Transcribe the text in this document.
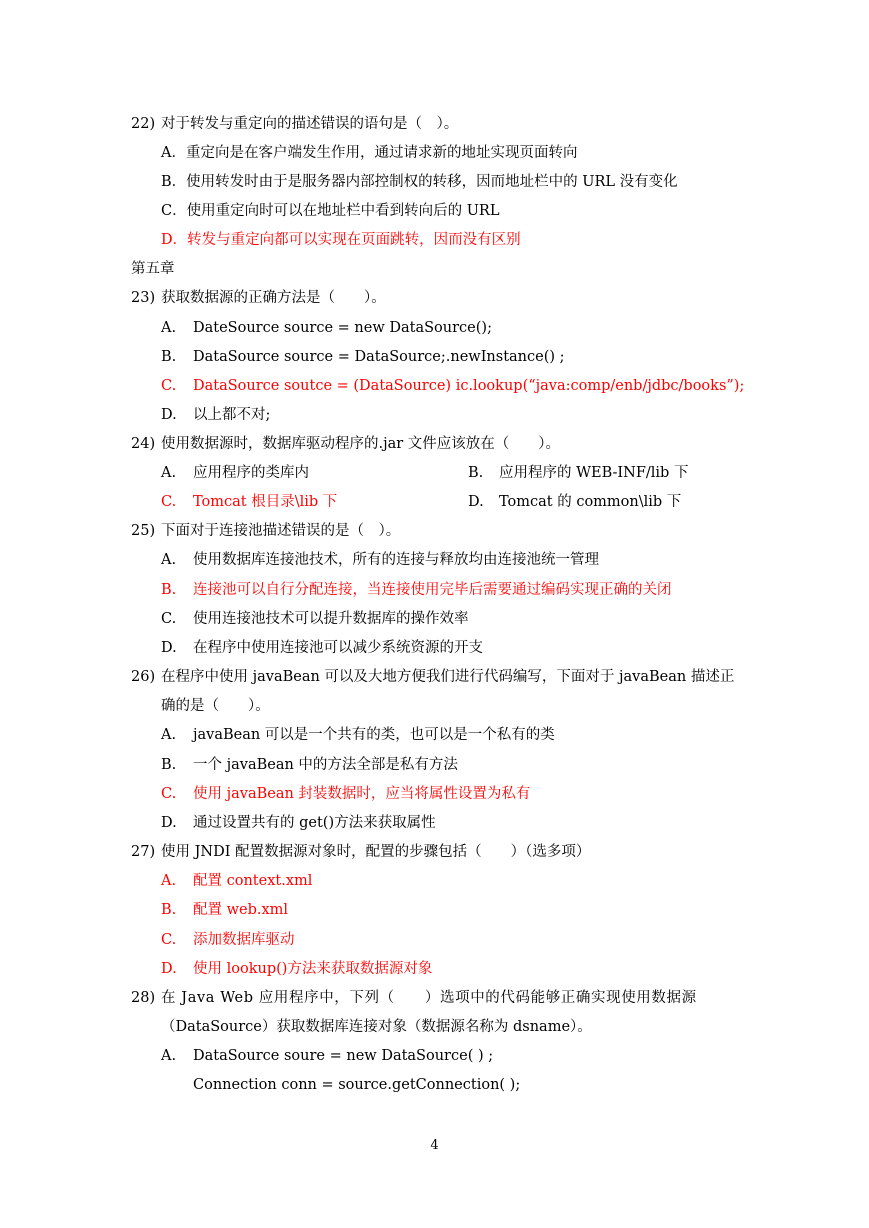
22) 对于转发与重定向的描述错误的语句是（　）。
A．重定向是在客户端发生作用，通过请求新的地址实现页面转向
B．使用转发时由于是服务器内部控制权的转移，因而地址栏中的 URL 没有变化
C．使用重定向时可以在地址栏中看到转向后的 URL
D．转发与重定向都可以实现在页面跳转，因而没有区别
第五章
23) 获取数据源的正确方法是（　　）。
A. DateSource source = new DataSource();
B. DataSource source = DataSource;.newInstance() ;
C. DataSource soutce = (DataSource) ic.lookup(“java:comp/enb/jdbc/books”);
D. 以上都不对;
24) 使用数据源时，数据库驱动程序的.jar 文件应该放在（　　）。
A. 应用程序的类库内	B. 应用程序的 WEB-INF/lib 下
C. Tomcat 根目录\lib 下	D. Tomcat 的 common\lib 下
25) 下面对于连接池描述错误的是（　）。
A. 使用数据库连接池技术，所有的连接与释放均由连接池统一管理
B. 连接池可以自行分配连接，当连接使用完毕后需要通过编码实现正确的关闭
C. 使用连接池技术可以提升数据库的操作效率
D. 在程序中使用连接池可以减少系统资源的开支
26) 在程序中使用 javaBean 可以及大地方便我们进行代码编写，下面对于 javaBean 描述正
确的是（　　）。
A. javaBean 可以是一个共有的类，也可以是一个私有的类
B. 一个 javaBean 中的方法全部是私有方法
C. 使用 javaBean 封装数据时，应当将属性设置为私有
D. 通过设置共有的 get()方法来获取属性
27) 使用 JNDI 配置数据源对象时，配置的步骤包括（　　）（选多项）
A. 配置 context.xml
B. 配置 web.xml
C. 添加数据库驱动
D. 使用 lookup()方法来获取数据源对象
28) 在 Java Web 应用程序中，下列（　　）选项中的代码能够正确实现使用数据源
（DataSource）获取数据库连接对象（数据源名称为 dsname）。
A. DataSource soure = new DataSource( ) ;
Connection conn = source.getConnection( );
4
